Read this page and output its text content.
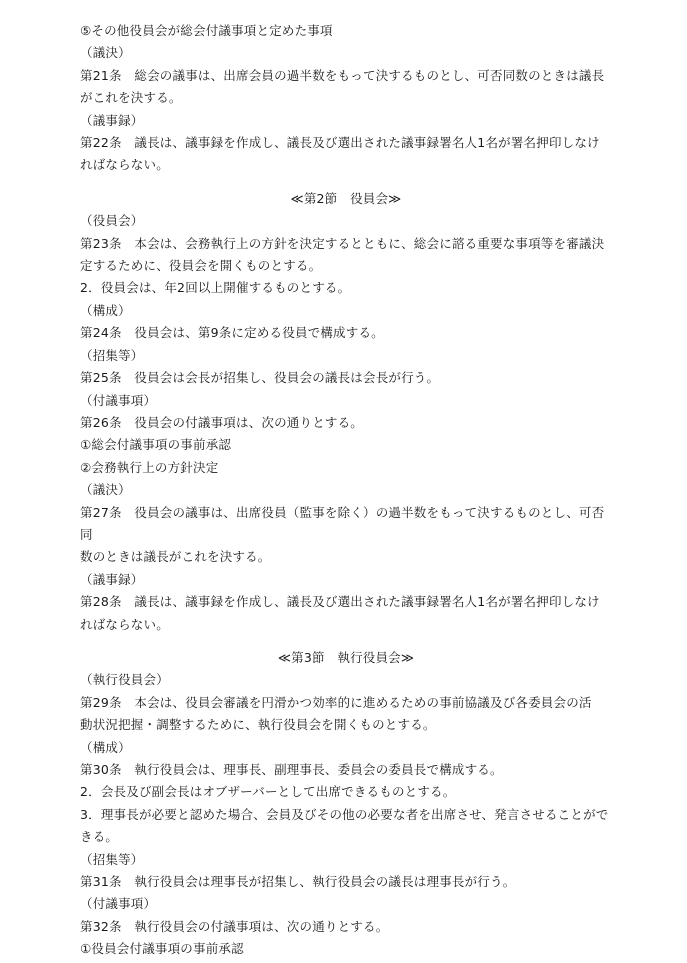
⑤その他役員会が総会付議事項と定めた事項
（議決）
第21条　総会の議事は、出席会員の過半数をもって決するものとし、可否同数のときは議長
がこれを決する。
（議事録）
第22条　議長は、議事録を作成し、議長及び選出された議事録署名人1名が署名押印しなけ
ればならない。
≪第2節　役員会≫
（役員会）
第23条　本会は、会務執行上の方針を決定するとともに、総会に諮る重要な事項等を審議決
定するために、役員会を開くものとする。
2．役員会は、年2回以上開催するものとする。
（構成）
第24条　役員会は、第9条に定める役員で構成する。
（招集等）
第25条　役員会は会長が招集し、役員会の議長は会長が行う。
（付議事項）
第26条　役員会の付議事項は、次の通りとする。
①総会付議事項の事前承認
②会務執行上の方針決定
（議決）
第27条　役員会の議事は、出席役員（監事を除く）の過半数をもって決するものとし、可否同
数のときは議長がこれを決する。
（議事録）
第28条　議長は、議事録を作成し、議長及び選出された議事録署名人1名が署名押印しなけ
ればならない。
≪第3節　執行役員会≫
（執行役員会）
第29条　本会は、役員会審議を円滑かつ効率的に進めるための事前協議及び各委員会の活
動状況把握・調整するために、執行役員会を開くものとする。
（構成）
第30条　執行役員会は、理事長、副理事長、委員会の委員長で構成する。
2．会長及び副会長はオブザーバーとして出席できるものとする。
3．理事長が必要と認めた場合、会員及びその他の必要な者を出席させ、発言させることがで
きる。
（招集等）
第31条　執行役員会は理事長が招集し、執行役員会の議長は理事長が行う。
（付議事項）
第32条　執行役員会の付議事項は、次の通りとする。
①役員会付議事項の事前承認
